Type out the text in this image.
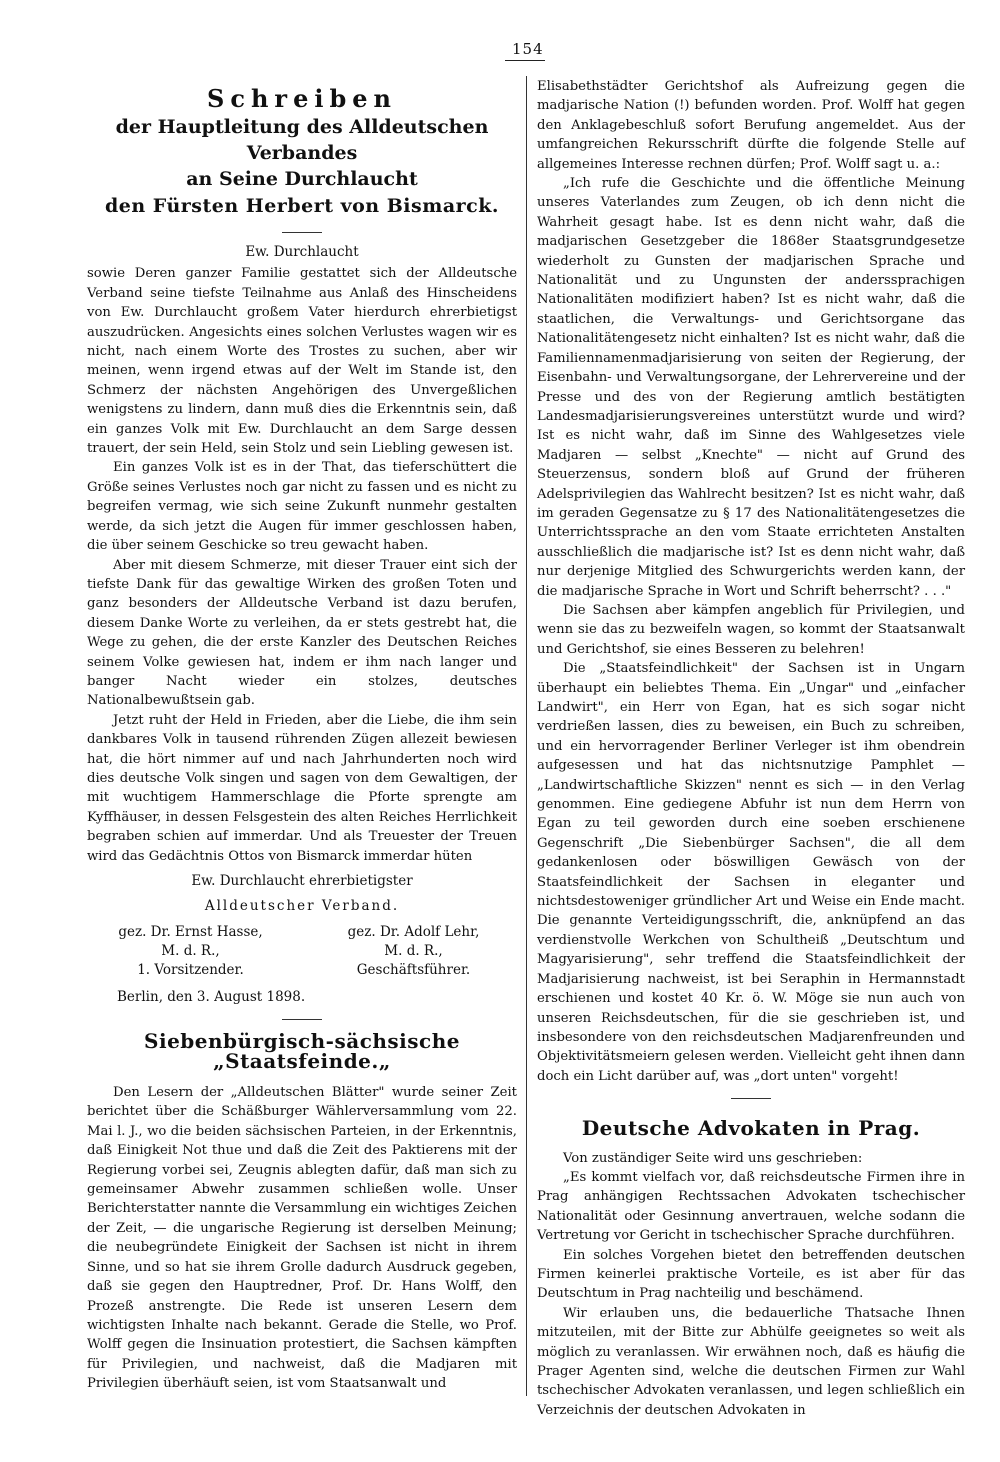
154
Schreiben
der Hauptleitung des Alldeutschen Verbandes
an Seine Durchlaucht
den Fürsten Herbert von Bismarck.
Ew. Durchlaucht

sowie Deren ganzer Familie gestattet sich der Alldeutsche Verband seine tiefste Teilnahme aus Anlaß des Hinscheidens von Ew. Durchlaucht großem Vater hierdurch ehrerbietigst auszudrücken. Angesichts eines solchen Verlustes wagen wir es nicht, nach einem Worte des Trostes zu suchen, aber wir meinen, wenn irgend etwas auf der Welt im Stande ist, den Schmerz der nächsten Angehörigen des Unvergeßlichen wenigstens zu lindern, dann muß dies die Erkenntnis sein, daß ein ganzes Volk mit Ew. Durchlaucht an dem Sarge dessen trauert, der sein Held, sein Stolz und sein Liebling gewesen ist.

Ein ganzes Volk ist es in der That, das tieferschüttert die Größe seines Verlustes noch gar nicht zu fassen und es nicht zu begreifen vermag, wie sich seine Zukunft nunmehr gestalten werde, da sich jetzt die Augen für immer geschlossen haben, die über seinem Geschicke so treu gewacht haben.

Aber mit diesem Schmerze, mit dieser Trauer eint sich der tiefste Dank für das gewaltige Wirken des großen Toten und ganz besonders der Alldeutsche Verband ist dazu berufen, diesem Danke Worte zu verleihen, da er stets gestrebt hat, die Wege zu gehen, die der erste Kanzler des Deutschen Reiches seinem Volke gewiesen hat, indem er ihm nach langer und banger Nacht wieder ein stolzes, deutsches Nationalbewußtsein gab.

Jetzt ruht der Held in Frieden, aber die Liebe, die ihm sein dankbares Volk in tausend rührenden Zügen allezeit bewiesen hat, die hört nimmer auf und nach Jahrhunderten noch wird dies deutsche Volk singen und sagen von dem Gewaltigen, der mit wuchtigem Hammerschlage die Pforte sprengte am Kyffhäuser, in dessen Felsgestein des alten Reiches Herrlichkeit begraben schien auf immerdar. Und als Treuester der Treuen wird das Gedächtnis Ottos von Bismarck immerdar hüten

Ew. Durchlaucht ehrerbietigster
Alldeutscher Verband.
gez. Dr. Ernst Hasse,	gez. Dr. Adolf Lehr,
M. d. R.,	M. d. R.,
1. Vorsitzender.	Geschäftsführer.
Berlin, den 3. August 1898.
Siebenbürgisch-sächsische „Staatsfeinde.„

Den Lesern der „Alldeutschen Blätter" wurde seiner Zeit berichtet über die Schäßburger Wählerversammlung vom 22. Mai l. J., wo die beiden sächsischen Parteien, in der Erkenntnis, daß Einigkeit Not thue und daß die Zeit des Paktierens mit der Regierung vorbei sei, Zeugnis ablegten dafür, daß man sich zu gemeinsamer Abwehr zusammen schließen wolle. Unser Berichterstatter nannte die Versammlung ein wichtiges Zeichen der Zeit, — die ungarische Regierung ist derselben Meinung; die neubegründete Einigkeit der Sachsen ist nicht in ihrem Sinne, und so hat sie ihrem Grolle dadurch Ausdruck gegeben, daß sie gegen den Hauptredner, Prof. Dr. Hans Wolff, den Prozeß anstrengte. Die Rede ist unseren Lesern dem wichtigsten Inhalte nach bekannt. Gerade die Stelle, wo Prof. Wolff gegen die Insinuation protestiert, die Sachsen kämpften für Privilegien, und nachweist, daß die Madjaren mit Privilegien überhäuft seien, ist vom Staatsanwalt und

Elisabethstädter Gerichtshof als Aufreizung gegen die madjarische Nation (!) befunden worden. Prof. Wolff hat gegen den Anklagebeschluß sofort Berufung angemeldet. Aus der umfangreichen Rekursschrift dürfte die folgende Stelle auf allgemeines Interesse rechnen dürfen; Prof. Wolff sagt u. a.:

„Ich rufe die Geschichte und die öffentliche Meinung unseres Vaterlandes zum Zeugen, ob ich denn nicht die Wahrheit gesagt habe. Ist es denn nicht wahr, daß die madjarischen Gesetzgeber die 1868er Staatsgrundgesetze wiederholt zu Gunsten der madjarischen Sprache und Nationalität und zu Ungunsten der anderssprachigen Nationalitäten modifiziert haben? Ist es nicht wahr, daß die staatlichen, die Verwaltungs- und Gerichtsorgane das Nationalitätengesetz nicht einhalten? Ist es nicht wahr, daß die Familiennamenmadjarisierung von seiten der Regierung, der Eisenbahn- und Verwaltungsorgane, der Lehrervereine und der Presse und des von der Regierung amtlich bestätigten Landesmadjarisierungsvereines unterstützt wurde und wird? Ist es nicht wahr, daß im Sinne des Wahlgesetzes viele Madjaren — selbst „Knechte" — nicht auf Grund des Steuerzensus, sondern bloß auf Grund der früheren Adelsprivilegien das Wahlrecht besitzen? Ist es nicht wahr, daß im geraden Gegensatze zu § 17 des Nationalitätengesetzes die Unterrichtssprache an den vom Staate errichteten Anstalten ausschließlich die madjarische ist? Ist es denn nicht wahr, daß nur derjenige Mitglied des Schwurgerichts werden kann, der die madjarische Sprache in Wort und Schrift beherrscht? . . ."

Die Sachsen aber kämpfen angeblich für Privilegien, und wenn sie das zu bezweifeln wagen, so kommt der Staatsanwalt und Gerichtshof, sie eines Besseren zu belehren!

Die „Staatsfeindlichkeit" der Sachsen ist in Ungarn überhaupt ein beliebtes Thema. Ein „Ungar" und „einfacher Landwirt", ein Herr von Egan, hat es sich sogar nicht verdrießen lassen, dies zu beweisen, ein Buch zu schreiben, und ein hervorragender Berliner Verleger ist ihm obendrein aufgesessen und hat das nichtsnutzige Pamphlet — „Landwirtschaftliche Skizzen" nennt es sich — in den Verlag genommen. Eine gediegene Abfuhr ist nun dem Herrn von Egan zu teil geworden durch eine soeben erschienene Gegenschrift „Die Siebenbürger Sachsen", die all dem gedankenlosen oder böswilligen Gewäsch von der Staatsfeindlichkeit der Sachsen in eleganter und nichtsdestoweniger gründlicher Art und Weise ein Ende macht. Die genannte Verteidigungsschrift, die, anknüpfend an das verdienstvolle Werkchen von Schultheiß „Deutschtum und Magyarisierung", sehr treffend die Staatsfeindlichkeit der Madjarisierung nachweist, ist bei Seraphin in Hermannstadt erschienen und kostet 40 Kr. ö. W. Möge sie nun auch von unseren Reichsdeutschen, für die sie geschrieben ist, und insbesondere von den reichsdeutschen Madjarenfreunden und Objektivitätsmeiern gelesen werden. Vielleicht geht ihnen dann doch ein Licht darüber auf, was „dort unten" vorgeht!

Deutsche Advokaten in Prag.

Von zuständiger Seite wird uns geschrieben:

„Es kommt vielfach vor, daß reichsdeutsche Firmen ihre in Prag anhängigen Rechtssachen Advokaten tschechischer Nationalität oder Gesinnung anvertrauen, welche sodann die Vertretung vor Gericht in tschechischer Sprache durchführen.

Ein solches Vorgehen bietet den betreffenden deutschen Firmen keinerlei praktische Vorteile, es ist aber für das Deutschtum in Prag nachteilig und beschämend.

Wir erlauben uns, die bedauerliche Thatsache Ihnen mitzuteilen, mit der Bitte zur Abhülfe geeignetes so weit als möglich zu veranlassen. Wir erwähnen noch, daß es häufig die Prager Agenten sind, welche die deutschen Firmen zur Wahl tschechischer Advokaten veranlassen, und legen schließlich ein Verzeichnis der deutschen Advokaten in
